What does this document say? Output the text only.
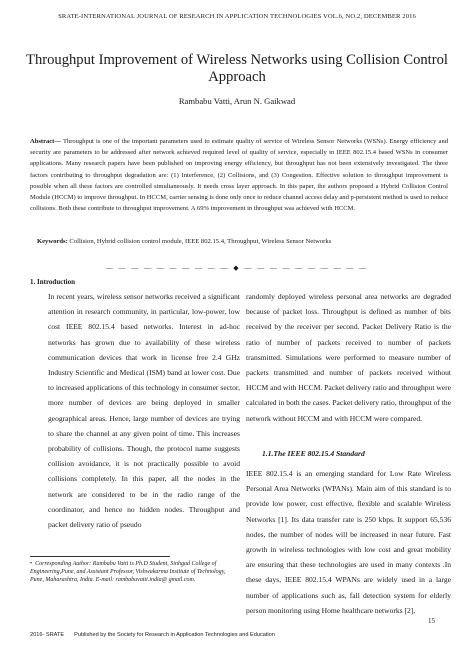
SRATE-INTERNATIONAL JOURNAL OF RESEARCH IN APPLICATION TECHNOLOGIES VOL.6, NO.2, DECEMBER 2016
Throughput Improvement of Wireless Networks using Collision Control Approach
Rambabu Vatti, Arun N. Gaikwad
Abstract— Throughput is one of the important parameters used to estimate quality of service of Wireless Sensor Networks (WSNs). Energy efficiency and security are parameters to be addressed after network achieved required level of quality of service, especially in IEEE 802.15.4 based WSNs in consumer applications. Many research papers have been published on improving energy efficiency, but throughput has not been extensively investigated. The three factors contributing to throughput degradation are: (1) Interference, (2) Collisions, and (3) Congestion. Effective solution to throughput improvement is possible when all these factors are controlled simultaneously. It needs cross layer approach. In this paper, the authors proposed a Hybrid Collision Control Module (HCCM) to improve throughput. In HCCM, carrier sensing is done only once to reduce channel access delay and p-persistent method is used to reduce collisions. Both these contribute to throughput improvement. A 69% improvement in throughput was achieved with HCCM.
Keywords: Collision, Hybrid collision control module, IEEE 802.15.4, Throughput, Wireless Sensor Networks
— — — — — — — — — — ◆ — — — — — — — — — —
1. Introduction
In recent years, wireless sensor networks received a significant attention in research community, in particular, low-power, low cost IEEE 802.15.4 based networks. Interest in ad-hoc networks has grown due to availability of these wireless communication devices that work in license free 2.4 GHz Industry Scientific and Medical (ISM) band at lower cost. Due to increased applications of this technology in consumer sector, more number of devices are being deployed in smaller geographical areas. Hence, large number of devices are trying to share the channel at any given point of time. This increases probability of collisions. Though, the protocol name suggests collision avoidance, it is not practically possible to avoid collisions completely. In this paper, all the nodes in the network are considered to be in the radio range of the coordinator, and hence no hidden nodes. Throughput and packet delivery ratio of pseudo
randomly deployed wireless personal area networks are degraded because of packet loss. Throughput is defined as number of bits received by the receiver per second. Packet Delivery Ratio is the ratio of number of packets received to number of packets transmitted. Simulations were performed to measure number of packets transmitted and number of packets received without HCCM and with HCCM. Packet delivery ratio and throughput were calculated in both the cases. Packet delivery ratio, throughput of the network without HCCM and with HCCM were compared.
1.1.The IEEE 802.15.4 Standard
IEEE 802.15.4 is an emerging standard for Low Rate Wireless Personal Area Networks (WPANs). Main aim of this standard is to provide low power, cost effective, flexible and scalable Wireless Networks [1]. Its data transfer rate is 250 kbps. It support 65,536 nodes, the number of nodes will be increased in near future. Fast growth in wireless technologies with low cost and great mobility are ensuring that these technologies are used in many contexts .In these days, IEEE 802.15.4 WPANs are widely used in a large number of applications such as, fall detection system for elderly person monitoring using Home healthcare networks [2],
• Corresponding Author: Rambabu Vatti is Ph.D Student, Sinhgad College of Engineering,Pune, and Assistant Professor, Vishwakarma Institute of Technology, Pune, Maharashtra, India. E-mail: rambabuvatti.india@ gmail.com.
15
2016- SRATE Published by the Society for Research in Application Technologies and Education
